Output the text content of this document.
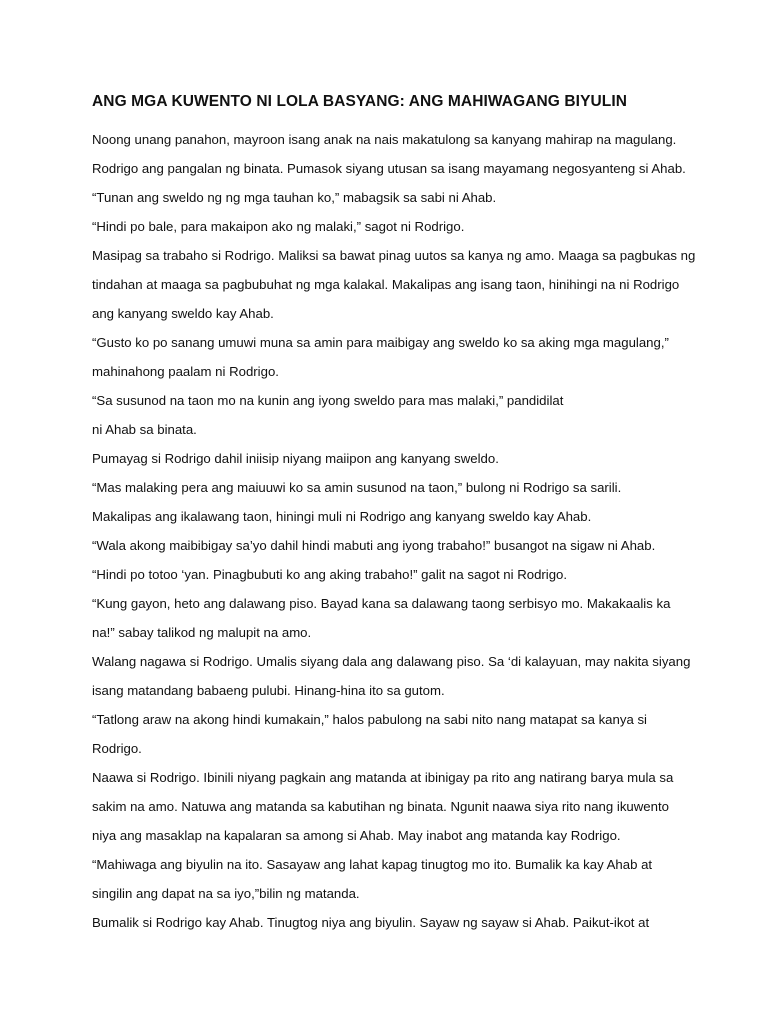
ANG MGA KUWENTO NI LOLA BASYANG: ANG MAHIWAGANG BIYULIN
Noong unang panahon, mayroon isang anak na nais makatulong sa kanyang mahirap na magulang.
Rodrigo ang pangalan ng binata. Pumasok siyang utusan sa isang mayamang negosyanteng si Ahab.
“Tunan ang sweldo ng ng mga tauhan ko,” mabagsik sa sabi ni Ahab.
“Hindi po bale, para makaipon ako ng malaki,” sagot ni Rodrigo.
Masipag sa trabaho si Rodrigo. Maliksi sa bawat pinag uutos sa kanya ng amo. Maaga sa pagbukas ng
tindahan at maaga sa pagbubuhat ng mga kalakal. Makalipas ang isang taon, hinihingi na ni Rodrigo
ang kanyang sweldo kay Ahab.
“Gusto ko po sanang umuwi muna sa amin para maibigay ang sweldo ko sa aking mga magulang,”
mahinahong paalam ni Rodrigo.
“Sa susunod na taon mo na kunin ang iyong sweldo para mas malaki,” pandidilat
ni Ahab sa binata.
Pumayag si Rodrigo dahil iniisip niyang maiipon ang kanyang sweldo.
“Mas malaking pera ang maiuuwi ko sa amin susunod na taon,” bulong ni Rodrigo sa sarili.
Makalipas ang ikalawang taon, hiningi muli ni Rodrigo ang kanyang sweldo kay Ahab.
“Wala akong maibibigay sa’yo dahil hindi mabuti ang iyong trabaho!” busangot na sigaw ni Ahab.
“Hindi po totoo ‘yan. Pinagbubuti ko ang aking trabaho!” galit na sagot ni Rodrigo.
“Kung gayon, heto ang dalawang piso. Bayad kana sa dalawang taong serbisyo mo. Makakaalis ka
na!” sabay talikod ng malupit na amo.
Walang nagawa si Rodrigo. Umalis siyang dala ang dalawang piso. Sa ‘di kalayuan, may nakita siyang
isang matandang babaeng pulubi. Hinang-hina ito sa gutom.
“Tatlong araw na akong hindi kumakain,” halos pabulong na sabi nito nang matapat sa kanya si
Rodrigo.
Naawa si Rodrigo. Ibinili niyang pagkain ang matanda at ibinigay pa rito ang natirang barya mula sa
sakim na amo. Natuwa ang matanda sa kabutihan ng binata. Ngunit naawa siya rito nang ikuwento
niya ang masaklap na kapalaran sa among si Ahab. May inabot ang matanda kay Rodrigo.
“Mahiwaga ang biyulin na ito. Sasayaw ang lahat kapag tinugtog mo ito. Bumalik ka kay Ahab at
singilin ang dapat na sa iyo,”bilin ng matanda.
Bumalik si Rodrigo kay Ahab. Tinugtog niya ang biyulin. Sayaw ng sayaw si Ahab. Paikut-ikot at
